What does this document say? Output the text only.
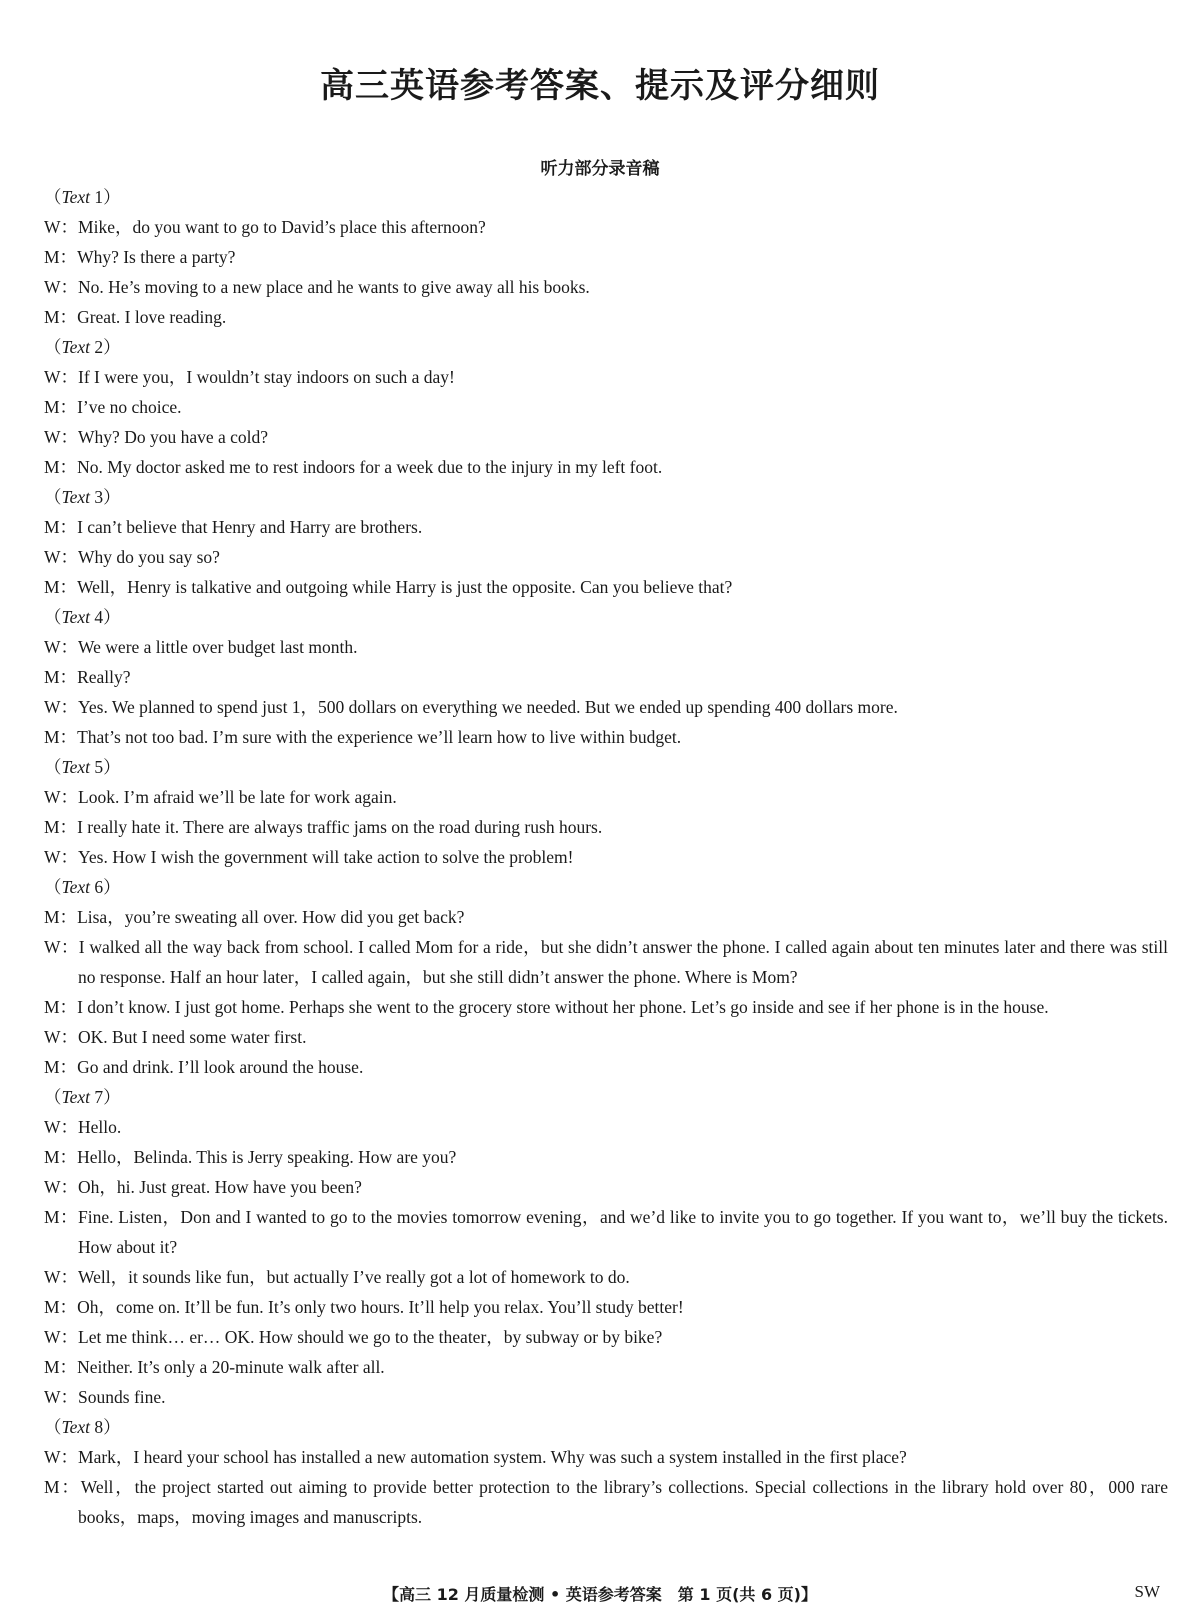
高三英语参考答案、提示及评分细则
听力部分录音稿
（Text 1）
W：Mike，do you want to go to David’s place this afternoon?
M：Why? Is there a party?
W：No. He’s moving to a new place and he wants to give away all his books.
M：Great. I love reading.
（Text 2）
W：If I were you，I wouldn’t stay indoors on such a day!
M：I’ve no choice.
W：Why? Do you have a cold?
M：No. My doctor asked me to rest indoors for a week due to the injury in my left foot.
（Text 3）
M：I can’t believe that Henry and Harry are brothers.
W：Why do you say so?
M：Well，Henry is talkative and outgoing while Harry is just the opposite. Can you believe that?
（Text 4）
W：We were a little over budget last month.
M：Really?
W：Yes. We planned to spend just 1，500 dollars on everything we needed. But we ended up spending 400 dollars more.
M：That’s not too bad. I’m sure with the experience we’ll learn how to live within budget.
（Text 5）
W：Look. I’m afraid we’ll be late for work again.
M：I really hate it. There are always traffic jams on the road during rush hours.
W：Yes. How I wish the government will take action to solve the problem!
（Text 6）
M：Lisa，you’re sweating all over. How did you get back?
W：I walked all the way back from school. I called Mom for a ride，but she didn’t answer the phone. I called again about ten minutes later and there was still no response. Half an hour later，I called again，but she still didn’t answer the phone. Where is Mom?
M：I don’t know. I just got home. Perhaps she went to the grocery store without her phone. Let’s go inside and see if her phone is in the house.
W：OK. But I need some water first.
M：Go and drink. I’ll look around the house.
（Text 7）
W：Hello.
M：Hello，Belinda. This is Jerry speaking. How are you?
W：Oh，hi. Just great. How have you been?
M：Fine. Listen，Don and I wanted to go to the movies tomorrow evening，and we’d like to invite you to go together. If you want to，we’ll buy the tickets. How about it?
W：Well，it sounds like fun，but actually I’ve really got a lot of homework to do.
M：Oh，come on. It’ll be fun. It’s only two hours. It’ll help you relax. You’ll study better!
W：Let me think… er… OK. How should we go to the theater，by subway or by bike?
M：Neither. It’s only a 20-minute walk after all.
W：Sounds fine.
（Text 8）
W：Mark，I heard your school has installed a new automation system. Why was such a system installed in the first place?
M：Well，the project started out aiming to provide better protection to the library’s collections. Special collections in the library hold over 80，000 rare books，maps，moving images and manuscripts.
【高三 12 月质量检测 • 英语参考答案　第 1 页(共 6 页)】	SW
